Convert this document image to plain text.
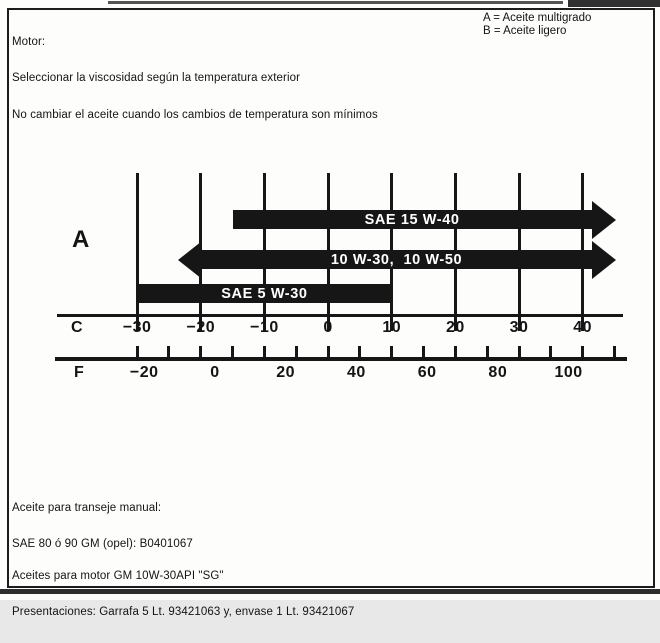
Motor:

Seleccionar la viscosidad según la temperatura exterior

No cambiar el aceite cuando los cambios de temperatura son mínimos

A = Aceite multigrado
B = Aceite ligero
A
C
F
−30	−20	−10	0	10	20	30	40
−20	0	20	40	60	80	100
SAE 15 W-40
10 W-30,  10 W-50
SAE 5 W-30

Aceite para transeje manual:

SAE 80 ó 90 GM (opel): B0401067

Aceites para motor GM 10W-30API "SG"

Presentaciones: Garrafa 5 Lt. 93421063 y, envase 1 Lt. 93421067
